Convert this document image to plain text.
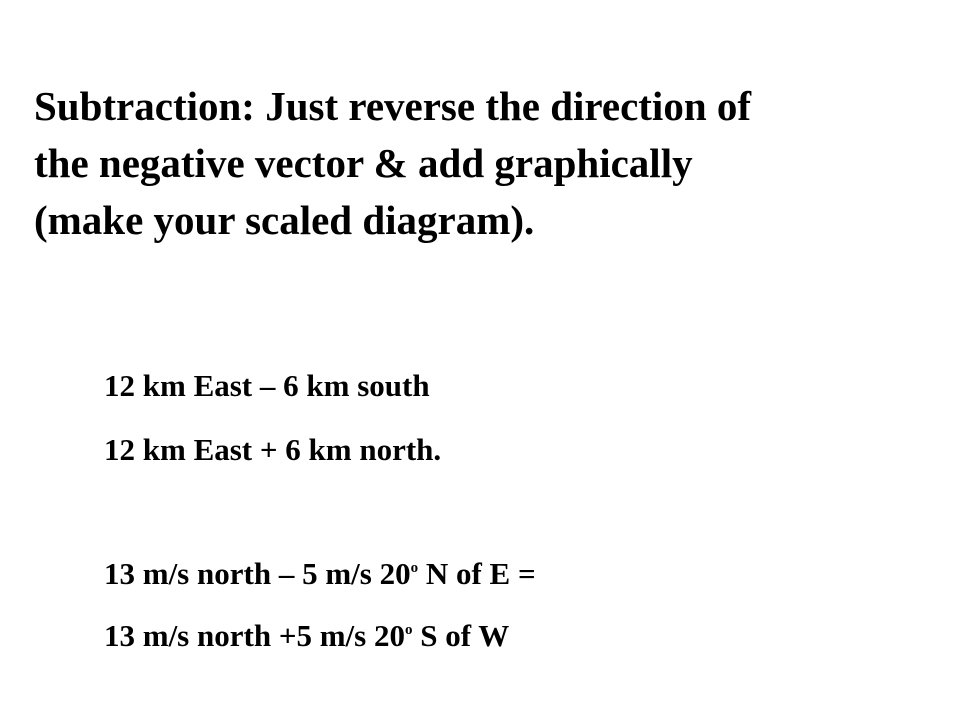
Subtraction: Just reverse the direction of
the negative vector & add graphically
(make your scaled diagram).

12 km East – 6 km south

12 km East + 6 km north.

13 m/s north – 5 m/s 20$^o$ N of E =

13 m/s north +5 m/s 20$^o$ S of W
